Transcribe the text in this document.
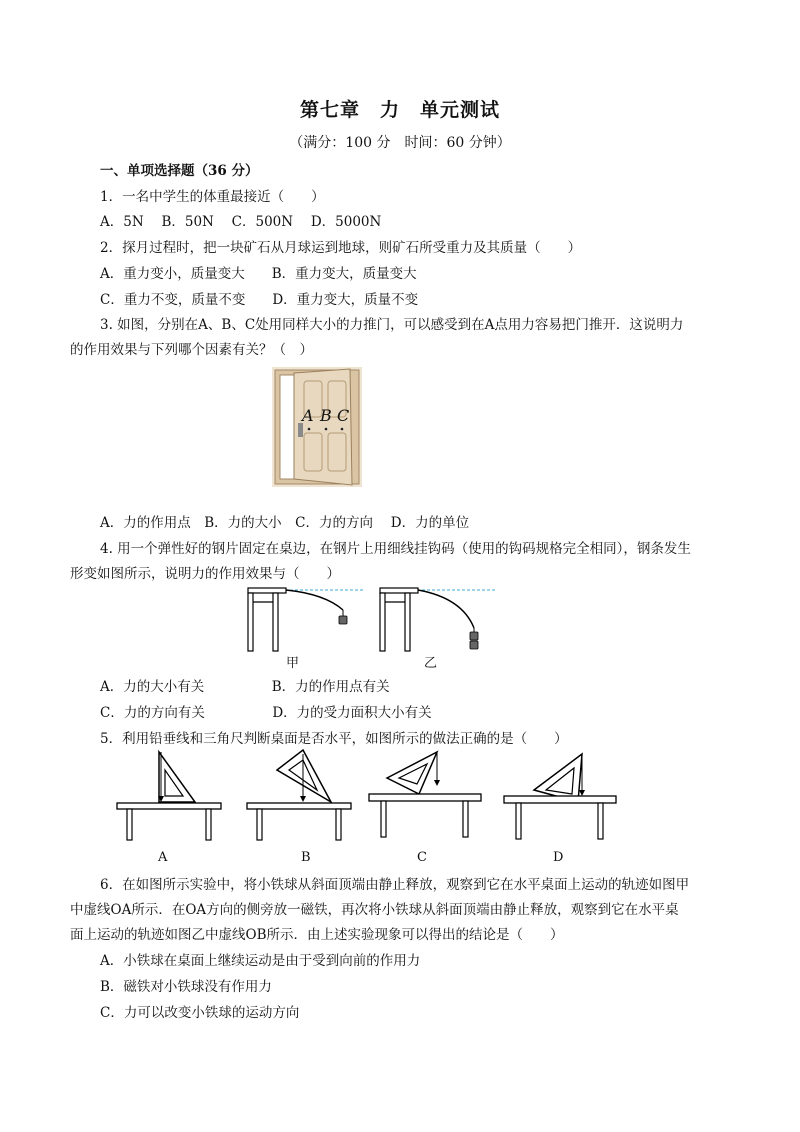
第七章　力　单元测试
（满分：100 分　时间：60 分钟）
一、单项选择题（36 分）
1．一名中学生的体重最接近（　　）
A．5N　 B．50N　 C．500N　 D．5000N
2．探月过程时，把一块矿石从月球运到地球，则矿石所受重力及其质量（　　）
A．重力变小，质量变大　　B．重力变大，质量变大
C．重力不变，质量不变　　D．重力变大，质量不变
3. 如图，分别在A、B、C处用同样大小的力推门，可以感受到在A点用力容易把门推开．这说明力
的作用效果与下列哪个因素有关？（　）
A B C
A．力的作用点　B．力的大小　C．力的方向　 D．力的单位
4. 用一个弹性好的钢片固定在桌边，在钢片上用细线挂钩码（使用的钩码规格完全相同），钢条发生
形变如图所示，说明力的作用效果与（　　）
甲	乙
A．力的大小有关　　　　　B．力的作用点有关
C．力的方向有关　　　　　D．力的受力面积大小有关
5．利用铅垂线和三角尺判断桌面是否水平，如图所示的做法正确的是（　　）
A	B	C	D
6．在如图所示实验中，将小铁球从斜面顶端由静止释放，观察到它在水平桌面上运动的轨迹如图甲
中虚线OA所示．在OA方向的侧旁放一磁铁，再次将小铁球从斜面顶端由静止释放，观察到它在水平桌
面上运动的轨迹如图乙中虚线OB所示．由上述实验现象可以得出的结论是（　　）
A．小铁球在桌面上继续运动是由于受到向前的作用力
B．磁铁对小铁球没有作用力
C．力可以改变小铁球的运动方向
